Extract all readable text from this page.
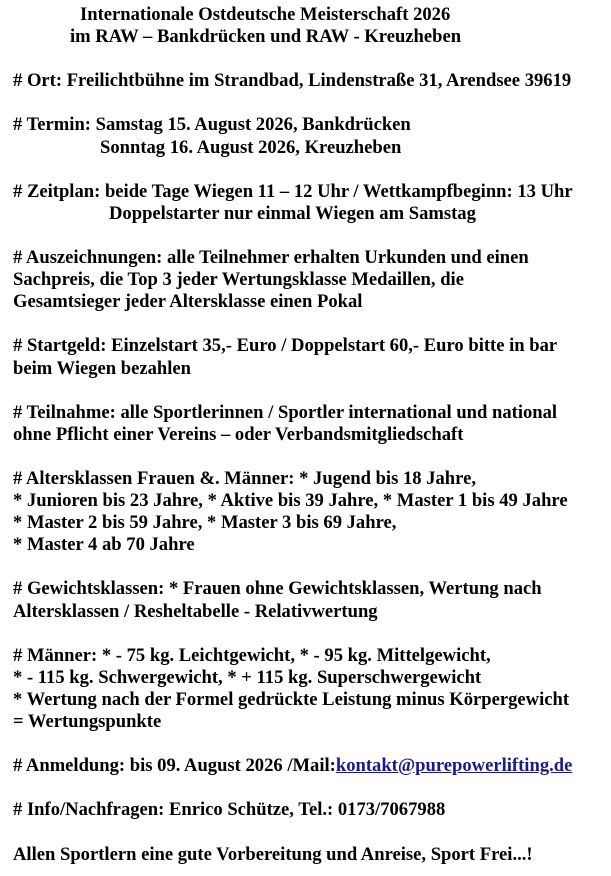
Internationale Ostdeutsche Meisterschaft 2026
im RAW – Bankdrücken und RAW - Kreuzheben
# Ort: Freilichtbühne im Strandbad, Lindenstraße 31, Arendsee 39619
# Termin: Samstag 15. August 2026, Bankdrücken
Sonntag 16. August 2026, Kreuzheben
# Zeitplan: beide Tage Wiegen 11 – 12 Uhr / Wettkampfbeginn: 13 Uhr
Doppelstarter nur einmal Wiegen am Samstag
# Auszeichnungen: alle Teilnehmer erhalten Urkunden und einen
Sachpreis, die Top 3 jeder Wertungsklasse Medaillen, die
Gesamtsieger jeder Altersklasse einen Pokal
# Startgeld: Einzelstart 35,- Euro / Doppelstart 60,- Euro bitte in bar
beim Wiegen bezahlen
# Teilnahme: alle Sportlerinnen / Sportler international und national
ohne Pflicht einer Vereins – oder Verbandsmitgliedschaft
# Altersklassen Frauen &. Männer: * Jugend bis 18 Jahre,
* Junioren bis 23 Jahre, * Aktive bis 39 Jahre, * Master 1 bis 49 Jahre
* Master 2 bis 59 Jahre, * Master 3 bis 69 Jahre,
* Master 4 ab 70 Jahre
# Gewichtsklassen: * Frauen ohne Gewichtsklassen, Wertung nach
Altersklassen / Resheltabelle - Relativwertung
# Männer: * - 75 kg. Leichtgewicht, * - 95 kg. Mittelgewicht,
* - 115 kg. Schwergewicht, * + 115 kg. Superschwergewicht
* Wertung nach der Formel gedrückte Leistung minus Körpergewicht
= Wertungspunkte
# Anmeldung: bis 09. August 2026 /Mail:kontakt@purepowerlifting.de
# Info/Nachfragen: Enrico Schütze, Tel.: 0173/7067988
Allen Sportlern eine gute Vorbereitung und Anreise, Sport Frei...!
